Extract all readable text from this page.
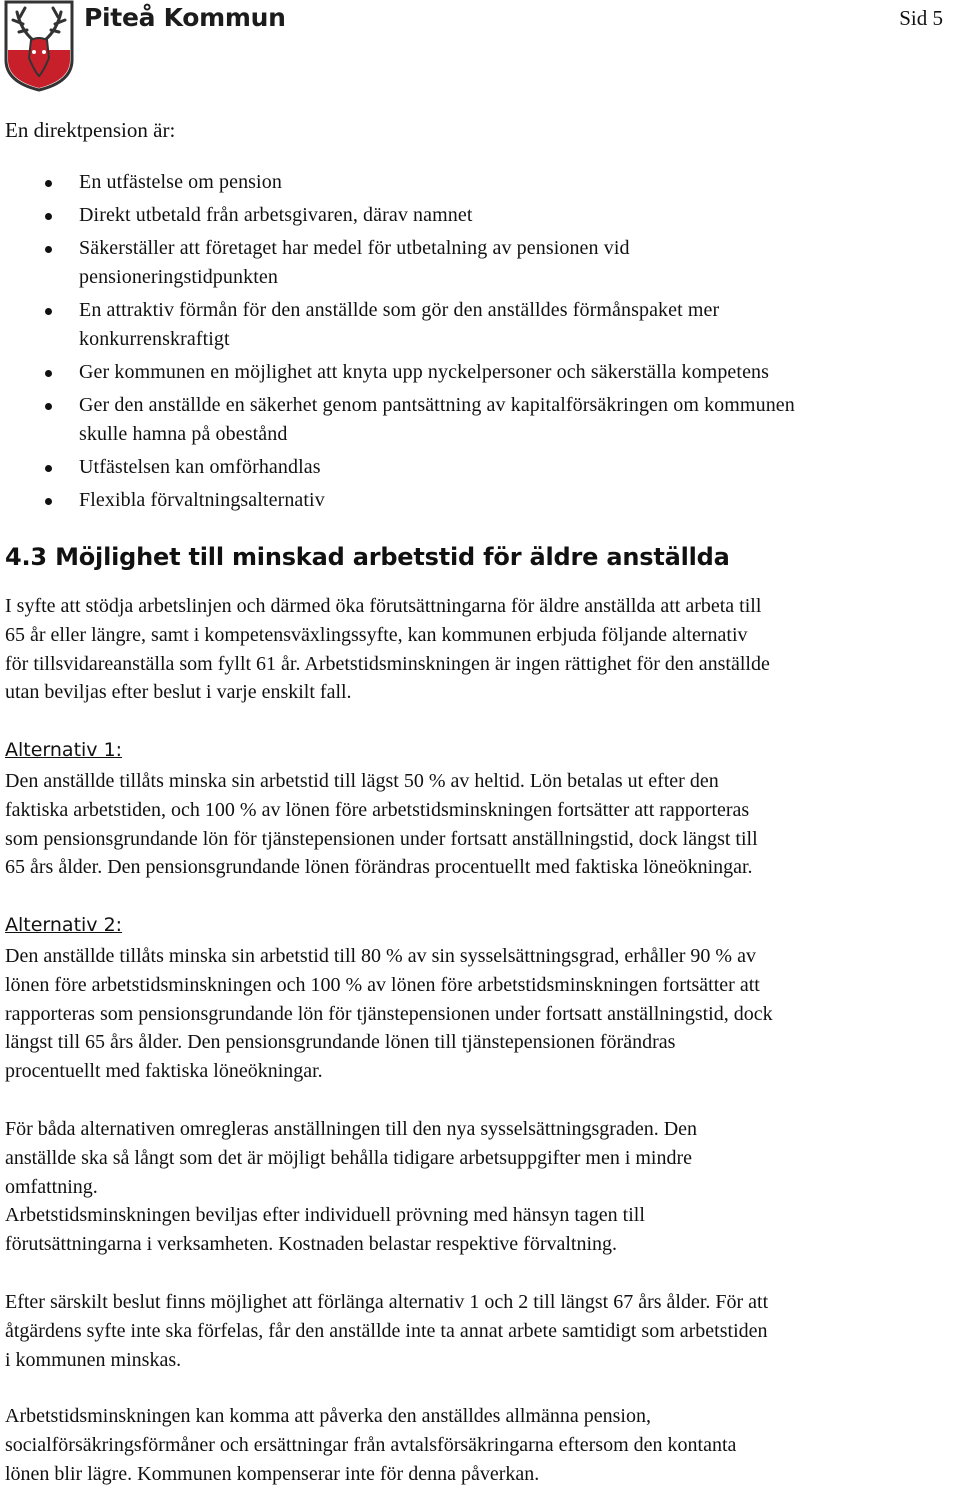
Piteå Kommun	Sid 5
En direktpension är:
En utfästelse om pension
Direkt utbetald från arbetsgivaren, därav namnet
Säkerställer att företaget har medel för utbetalning av pensionen vid
pensioneringstidpunkten
En attraktiv förmån för den anställde som gör den anställdes förmånspaket mer
konkurrenskraftigt
Ger kommunen en möjlighet att knyta upp nyckelpersoner och säkerställa kompetens
Ger den anställde en säkerhet genom pantsättning av kapitalförsäkringen om kommunen
skulle hamna på obestånd
Utfästelsen kan omförhandlas
Flexibla förvaltningsalternativ
4.3 Möjlighet till minskad arbetstid för äldre anställda

I syfte att stödja arbetslinjen och därmed öka förutsättningarna för äldre anställda att arbeta till
65 år eller längre, samt i kompetensväxlingssyfte, kan kommunen erbjuda följande alternativ
för tillsvidareanställa som fyllt 61 år. Arbetstidsminskningen är ingen rättighet för den anställde
utan beviljas efter beslut i varje enskilt fall.

Alternativ 1:

Den anställde tillåts minska sin arbetstid till lägst 50 % av heltid. Lön betalas ut efter den
faktiska arbetstiden, och 100 % av lönen före arbetstidsminskningen fortsätter att rapporteras
som pensionsgrundande lön för tjänstepensionen under fortsatt anställningstid, dock längst till
65 års ålder. Den pensionsgrundande lönen förändras procentuellt med faktiska löneökningar.

Alternativ 2:

Den anställde tillåts minska sin arbetstid till 80 % av sin sysselsättningsgrad, erhåller 90 % av
lönen före arbetstidsminskningen och 100 % av lönen före arbetstidsminskningen fortsätter att
rapporteras som pensionsgrundande lön för tjänstepensionen under fortsatt anställningstid, dock
längst till 65 års ålder. Den pensionsgrundande lönen till tjänstepensionen förändras
procentuellt med faktiska löneökningar.

För båda alternativen omregleras anställningen till den nya sysselsättningsgraden. Den
anställde ska så långt som det är möjligt behålla tidigare arbetsuppgifter men i mindre
omfattning.
Arbetstidsminskningen beviljas efter individuell prövning med hänsyn tagen till
förutsättningarna i verksamheten. Kostnaden belastar respektive förvaltning.

Efter särskilt beslut finns möjlighet att förlänga alternativ 1 och 2 till längst 67 års ålder. För att
åtgärdens syfte inte ska förfelas, får den anställde inte ta annat arbete samtidigt som arbetstiden
i kommunen minskas.

Arbetstidsminskningen kan komma att påverka den anställdes allmänna pension,
socialförsäkringsförmåner och ersättningar från avtalsförsäkringarna eftersom den kontanta
lönen blir lägre. Kommunen kompenserar inte för denna påverkan.
